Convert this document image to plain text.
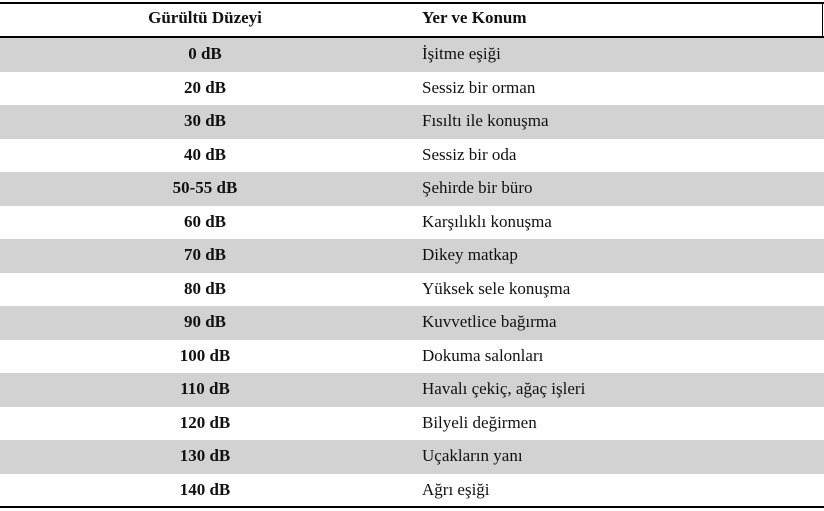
Gürültü Düzeyi	Yer ve Konum
0 dB	İşitme eşiği
20 dB	Sessiz bir orman
30 dB	Fısıltı ile konuşma
40 dB	Sessiz bir oda
50-55 dB	Şehirde bir büro
60 dB	Karşılıklı konuşma
70 dB	Dikey matkap
80 dB	Yüksek sele konuşma
90 dB	Kuvvetlice bağırma
100 dB	Dokuma salonları
110 dB	Havalı çekiç, ağaç işleri
120 dB	Bilyeli değirmen
130 dB	Uçakların yanı
140 dB	Ağrı eşiği
